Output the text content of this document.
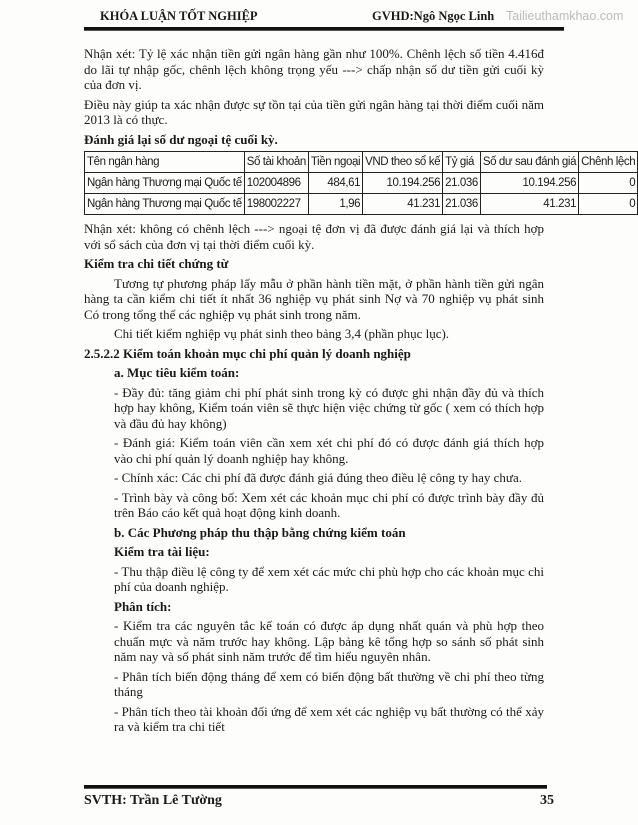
KHÓA LUẬN TỐT NGHIỆP	GVHD:Ngô Ngọc Linh Tailieuthamkhao.com
Nhận xét: Tỷ lệ xác nhận tiền gửi ngân hàng gần như 100%. Chênh lệch số tiền 4.416đ do lãi tự nhập gốc, chênh lệch không trọng yếu ---> chấp nhận số dư tiền gửi cuối kỳ của đơn vị.
Điều này giúp ta xác nhận được sự tồn tại của tiền gửi ngân hàng tại thời điểm cuối năm 2013 là có thực.
Đánh giá lại số dư ngoại tệ cuối kỳ.
Tên ngân hàng	Số tài khoản	Tiền ngoại	VND theo sổ kế	Tỷ giá	Số dư sau đánh giá	Chênh lệch
Ngân hàng Thương mại Quốc tế	102004896	484,61	10.194.256	21.036	10.194.256	0
Ngân hàng Thương mại Quốc tế	198002227	1,96	41.231	21.036	41.231	0
Nhận xét: không có chênh lệch ---> ngoại tệ đơn vị đã được đánh giá lại và thích hợp với sổ sách của đơn vị tại thời điểm cuối kỳ.
Kiểm tra chi tiết chứng từ
Tương tự phương pháp lấy mẫu ở phần hành tiền mặt, ở phần hành tiền gửi ngân hàng ta cần kiểm chi tiết ít nhất 36 nghiệp vụ phát sinh Nợ và 70 nghiệp vụ phát sinh Có trong tổng thể các nghiệp vụ phát sinh trong năm.
Chi tiết kiểm nghiệp vụ phát sinh theo bảng 3,4 (phần phục lục).
2.5.2.2 Kiểm toán khoản mục chi phí quản lý doanh nghiệp
a. Mục tiêu kiểm toán:
- Đầy đủ: tăng giảm chi phí phát sinh trong kỳ có được ghi nhận đầy đủ và thích hợp hay không, Kiểm toán viên sẽ thực hiện việc chứng từ gốc ( xem có thích hợp và đầu đủ hay không)
- Đánh giá: Kiểm toán viên cần xem xét chi phí đó có được đánh giá thích hợp vào chi phí quản lý doanh nghiệp hay không.
- Chính xác: Các chi phí đã được đánh giá đúng theo điều lệ công ty hay chưa.
- Trình bày và công bố: Xem xét các khoản mục chi phí có được trình bày đầy đủ trên Báo cáo kết quả hoạt động kinh doanh.
b. Các Phương pháp thu thập bằng chứng kiểm toán
Kiểm tra tài liệu:
- Thu thập điều lệ công ty để xem xét các mức chi phù hợp cho các khoản mục chi phí của doanh nghiệp.
Phân tích:
- Kiểm tra các nguyên tắc kế toán có được áp dụng nhất quán và phù hợp theo chuẩn mực và năm trước hay không. Lập bảng kê tổng hợp so sánh số phát sinh năm nay và số phát sinh năm trước để tìm hiểu nguyên nhân.
- Phân tích biến động tháng để xem có biến động bất thường về chi phí theo từng tháng
- Phân tích theo tài khoản đối ứng để xem xét các nghiệp vụ bất thường có thể xảy ra và kiểm tra chi tiết
SVTH: Trần Lê Tường	35
